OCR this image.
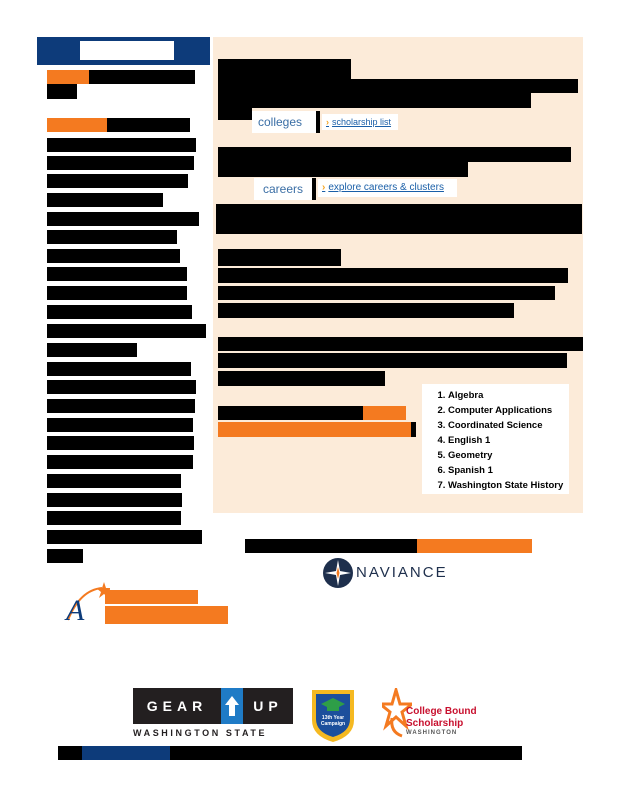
A
colleges	› scholarship list
careers	› explore careers & clusters
1. Algebra
2. Computer Applications
3. Coordinated Science
4. English 1
5. Geometry
6. Spanish 1
7. Washington State History
NAVIANCE
GEAR	UP
WASHINGTON STATE
13th Year Campaign
College Bound
Scholarship
WASHINGTON
